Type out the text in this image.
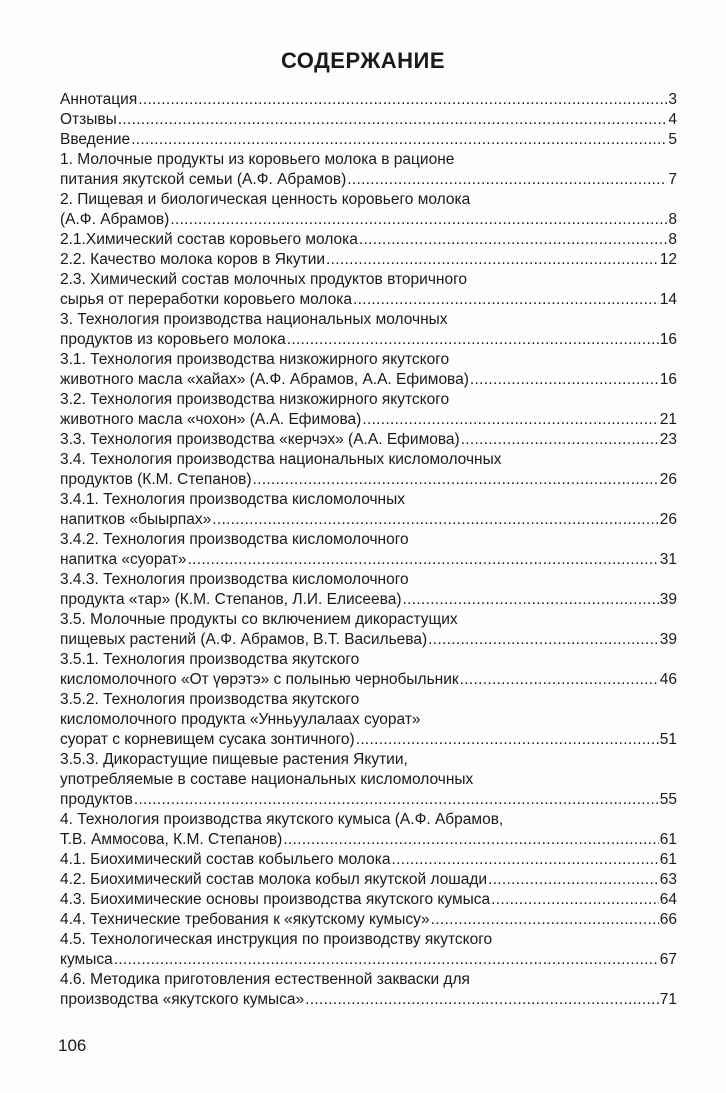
СОДЕРЖАНИЕ
Аннотация . . .	3
Отзывы . . .	4
Введение . . .	5
1. Молочные продукты из коровьего молока в рационе
питания якутской семьи (А.Ф. Абрамов) . . .	7
2. Пищевая и биологическая ценность коровьего молока
(А.Ф. Абрамов) . . .	8
2.1.Химический состав коровьего молока . . .	8
2.2. Качество молока коров в Якутии . . .	12
2.3. Химический состав молочных продуктов вторичного
сырья от переработки коровьего молока . . .	14
3. Технология производства национальных молочных
продуктов из коровьего молока . . .	16
3.1. Технология производства низкожирного якутского
животного масла «хайах» (А.Ф. Абрамов, А.А. Ефимова) . . .	16
3.2. Технология производства низкожирного якутского
животного масла «чохон» (А.А. Ефимова) . . .	21
3.3. Технология производства «керчэх» (А.А. Ефимова) . . .	23
3.4. Технология производства национальных кисломолочных
продуктов (К.М. Степанов) . . .	26
3.4.1. Технология производства кисломолочных
напитков «быырпах» . . .	26
3.4.2. Технология производства кисломолочного
напитка «суорат» . . .	31
3.4.3. Технология производства кисломолочного
продукта «тар» (К.М. Степанов, Л.И. Елисеева) . . .	39
3.5. Молочные продукты со включением дикорастущих
пищевых растений (А.Ф. Абрамов, В.Т. Васильева) . . .	39
3.5.1. Технология производства якутского
кисломолочного «От үөрэтэ» с полынью чернобыльник . . .	46
3.5.2. Технология производства якутского
кисломолочного продукта «Унньуулалаах суорат»
суорат с корневищем сусака зонтичного) . . .	51
3.5.3. Дикорастущие пищевые растения Якутии,
употребляемые в составе национальных кисломолочных
продуктов . . .	55
4. Технология производства якутского кумыса (А.Ф. Абрамов,
Т.В. Аммосова, К.М. Степанов) . . .	61
4.1. Биохимический состав кобыльего молока . . .	61
4.2. Биохимический состав молока кобыл якутской лошади . . .	63
4.3. Биохимические основы производства якутского кумыса . . .	64
4.4. Технические требования к «якутскому кумысу» . . .	66
4.5. Технологическая инструкция по производству якутского
кумыса . . .	67
4.6. Методика приготовления естественной закваски для
производства «якутского кумыса» . . .	71
106
